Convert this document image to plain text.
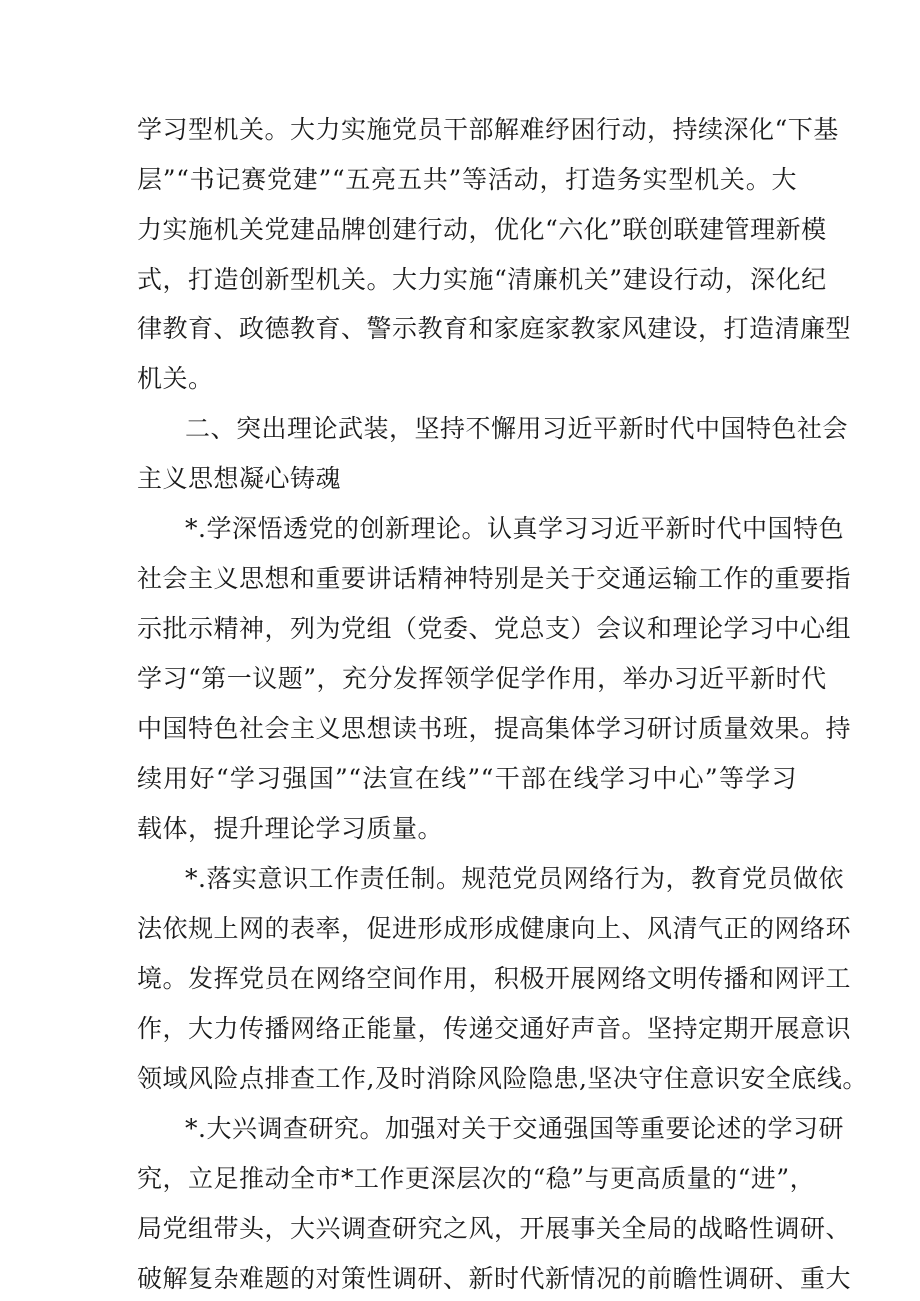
学习型机关。大力实施党员干部解难纾困行动，持续深化“下基
层”“书记赛党建”“五亮五共”等活动，打造务实型机关。大
力实施机关党建品牌创建行动，优化“六化”联创联建管理新模
式，打造创新型机关。大力实施“清廉机关”建设行动，深化纪
律教育、政德教育、警示教育和家庭家教家风建设，打造清廉型
机关。
二、突出理论武装，坚持不懈用习近平新时代中国特色社会
主义思想凝心铸魂
*.学深悟透党的创新理论。认真学习习近平新时代中国特色
社会主义思想和重要讲话精神特别是关于交通运输工作的重要指
示批示精神，列为党组（党委、党总支）会议和理论学习中心组
学习“第一议题”，充分发挥领学促学作用，举办习近平新时代
中国特色社会主义思想读书班，提高集体学习研讨质量效果。持
续用好“学习强国”“法宣在线”“干部在线学习中心”等学习
载体，提升理论学习质量。
*.落实意识工作责任制。规范党员网络行为，教育党员做依
法依规上网的表率，促进形成形成健康向上、风清气正的网络环
境。发挥党员在网络空间作用，积极开展网络文明传播和网评工
作，大力传播网络正能量，传递交通好声音。坚持定期开展意识
领域风险点排查工作,及时消除风险隐患,坚决守住意识安全底线。
*.大兴调查研究。加强对关于交通强国等重要论述的学习研
究，立足推动全市*工作更深层次的“稳”与更高质量的“进”，
局党组带头，大兴调查研究之风，开展事关全局的战略性调研、
破解复杂难题的对策性调研、新时代新情况的前瞻性调研、重大
